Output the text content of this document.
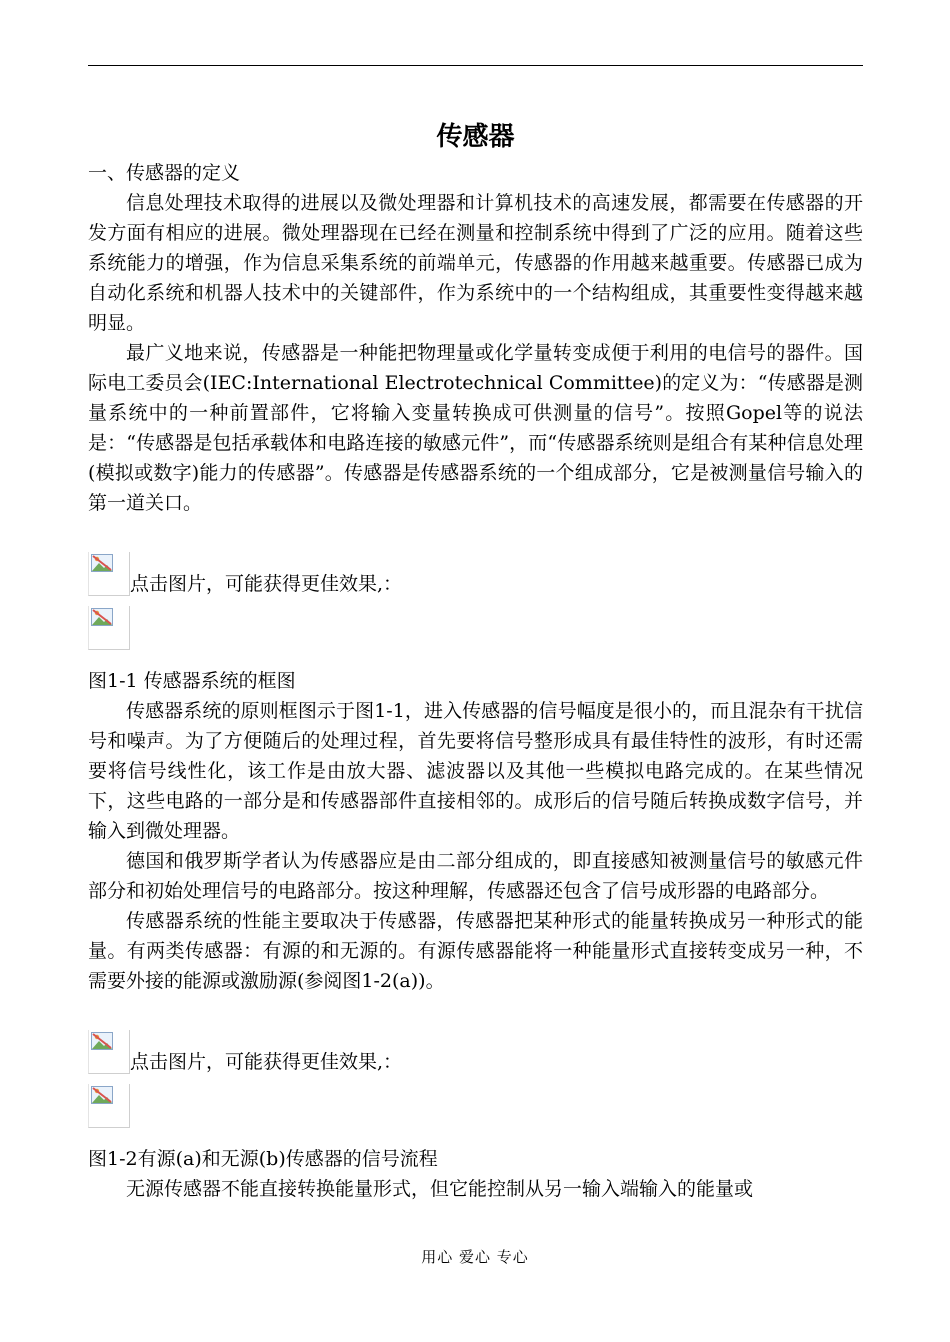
传感器
一、传感器的定义

信息处理技术取得的进展以及微处理器和计算机技术的高速发展，都需要在传感器的开发方面有相应的进展。微处理器现在已经在测量和控制系统中得到了广泛的应用。随着这些系统能力的增强，作为信息采集系统的前端单元，传感器的作用越来越重要。传感器已成为自动化系统和机器人技术中的关键部件，作为系统中的一个结构组成，其重要性变得越来越明显。

最广义地来说，传感器是一种能把物理量或化学量转变成便于利用的电信号的器件。国际电工委员会(IEC:International Electrotechnical Committee)的定义为：“传感器是测量系统中的一种前置部件，它将输入变量转换成可供测量的信号”。按照Gopel等的说法是：“传感器是包括承载体和电路连接的敏感元件”，而“传感器系统则是组合有某种信息处理(模拟或数字)能力的传感器”。传感器是传感器系统的一个组成部分，它是被测量信号输入的第一道关口。

点击图片，可能获得更佳效果,：
图1-1 传感器系统的框图

传感器系统的原则框图示于图1-1，进入传感器的信号幅度是很小的，而且混杂有干扰信号和噪声。为了方便随后的处理过程，首先要将信号整形成具有最佳特性的波形，有时还需要将信号线性化，该工作是由放大器、滤波器以及其他一些模拟电路完成的。在某些情况下，这些电路的一部分是和传感器部件直接相邻的。成形后的信号随后转换成数字信号，并输入到微处理器。

德国和俄罗斯学者认为传感器应是由二部分组成的，即直接感知被测量信号的敏感元件部分和初始处理信号的电路部分。按这种理解，传感器还包含了信号成形器的电路部分。

传感器系统的性能主要取决于传感器，传感器把某种形式的能量转换成另一种形式的能量。有两类传感器：有源的和无源的。有源传感器能将一种能量形式直接转变成另一种，不需要外接的能源或激励源(参阅图1-2(a))。

点击图片，可能获得更佳效果,：
图1-2有源(a)和无源(b)传感器的信号流程

无源传感器不能直接转换能量形式，但它能控制从另一输入端输入的能量或

用心 爱心 专心
